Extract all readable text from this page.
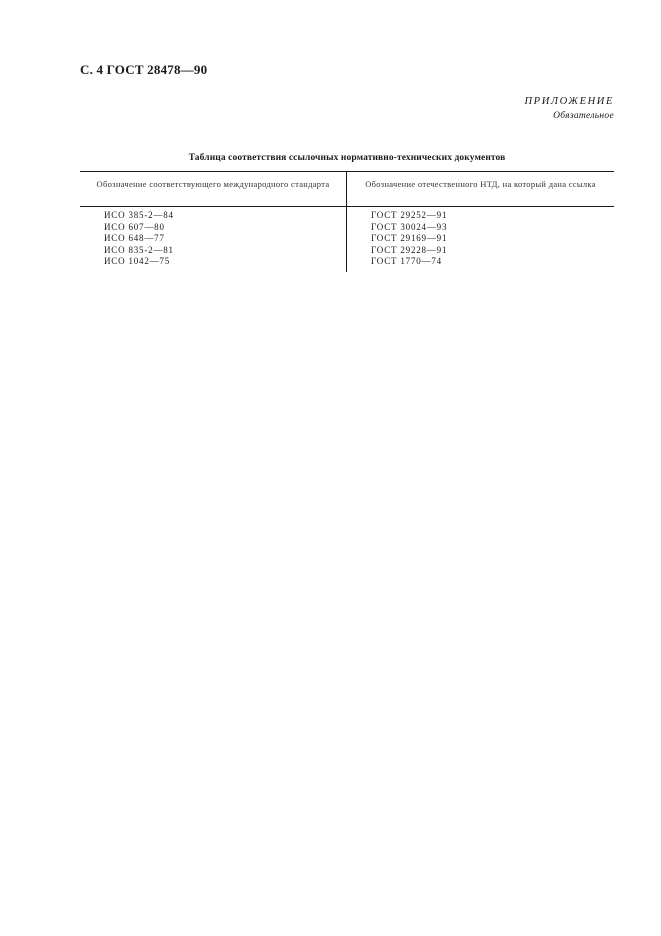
С. 4 ГОСТ 28478—90
ПРИЛОЖЕНИЕ
Обязательное
Таблица соответствия ссылочных нормативно-технических документов
Обозначение соответствующего международного стандарта	Обозначение отечественного НТД, на который дана ссылка
ИСО 385-2—84	ГОСТ 29252—91
ИСО 607—80	ГОСТ 30024—93
ИСО 648—77	ГОСТ 29169—91
ИСО 835-2—81	ГОСТ 29228—91
ИСО 1042—75	ГОСТ 1770—74
